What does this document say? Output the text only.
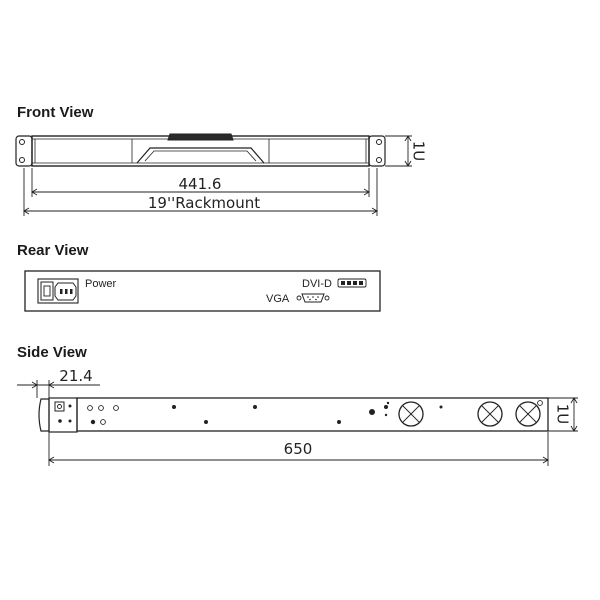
Front View
Rear View
Side View
1U
441.6
19''Rackmount
Power	DVI-D
VGA
21.4
650
1U
